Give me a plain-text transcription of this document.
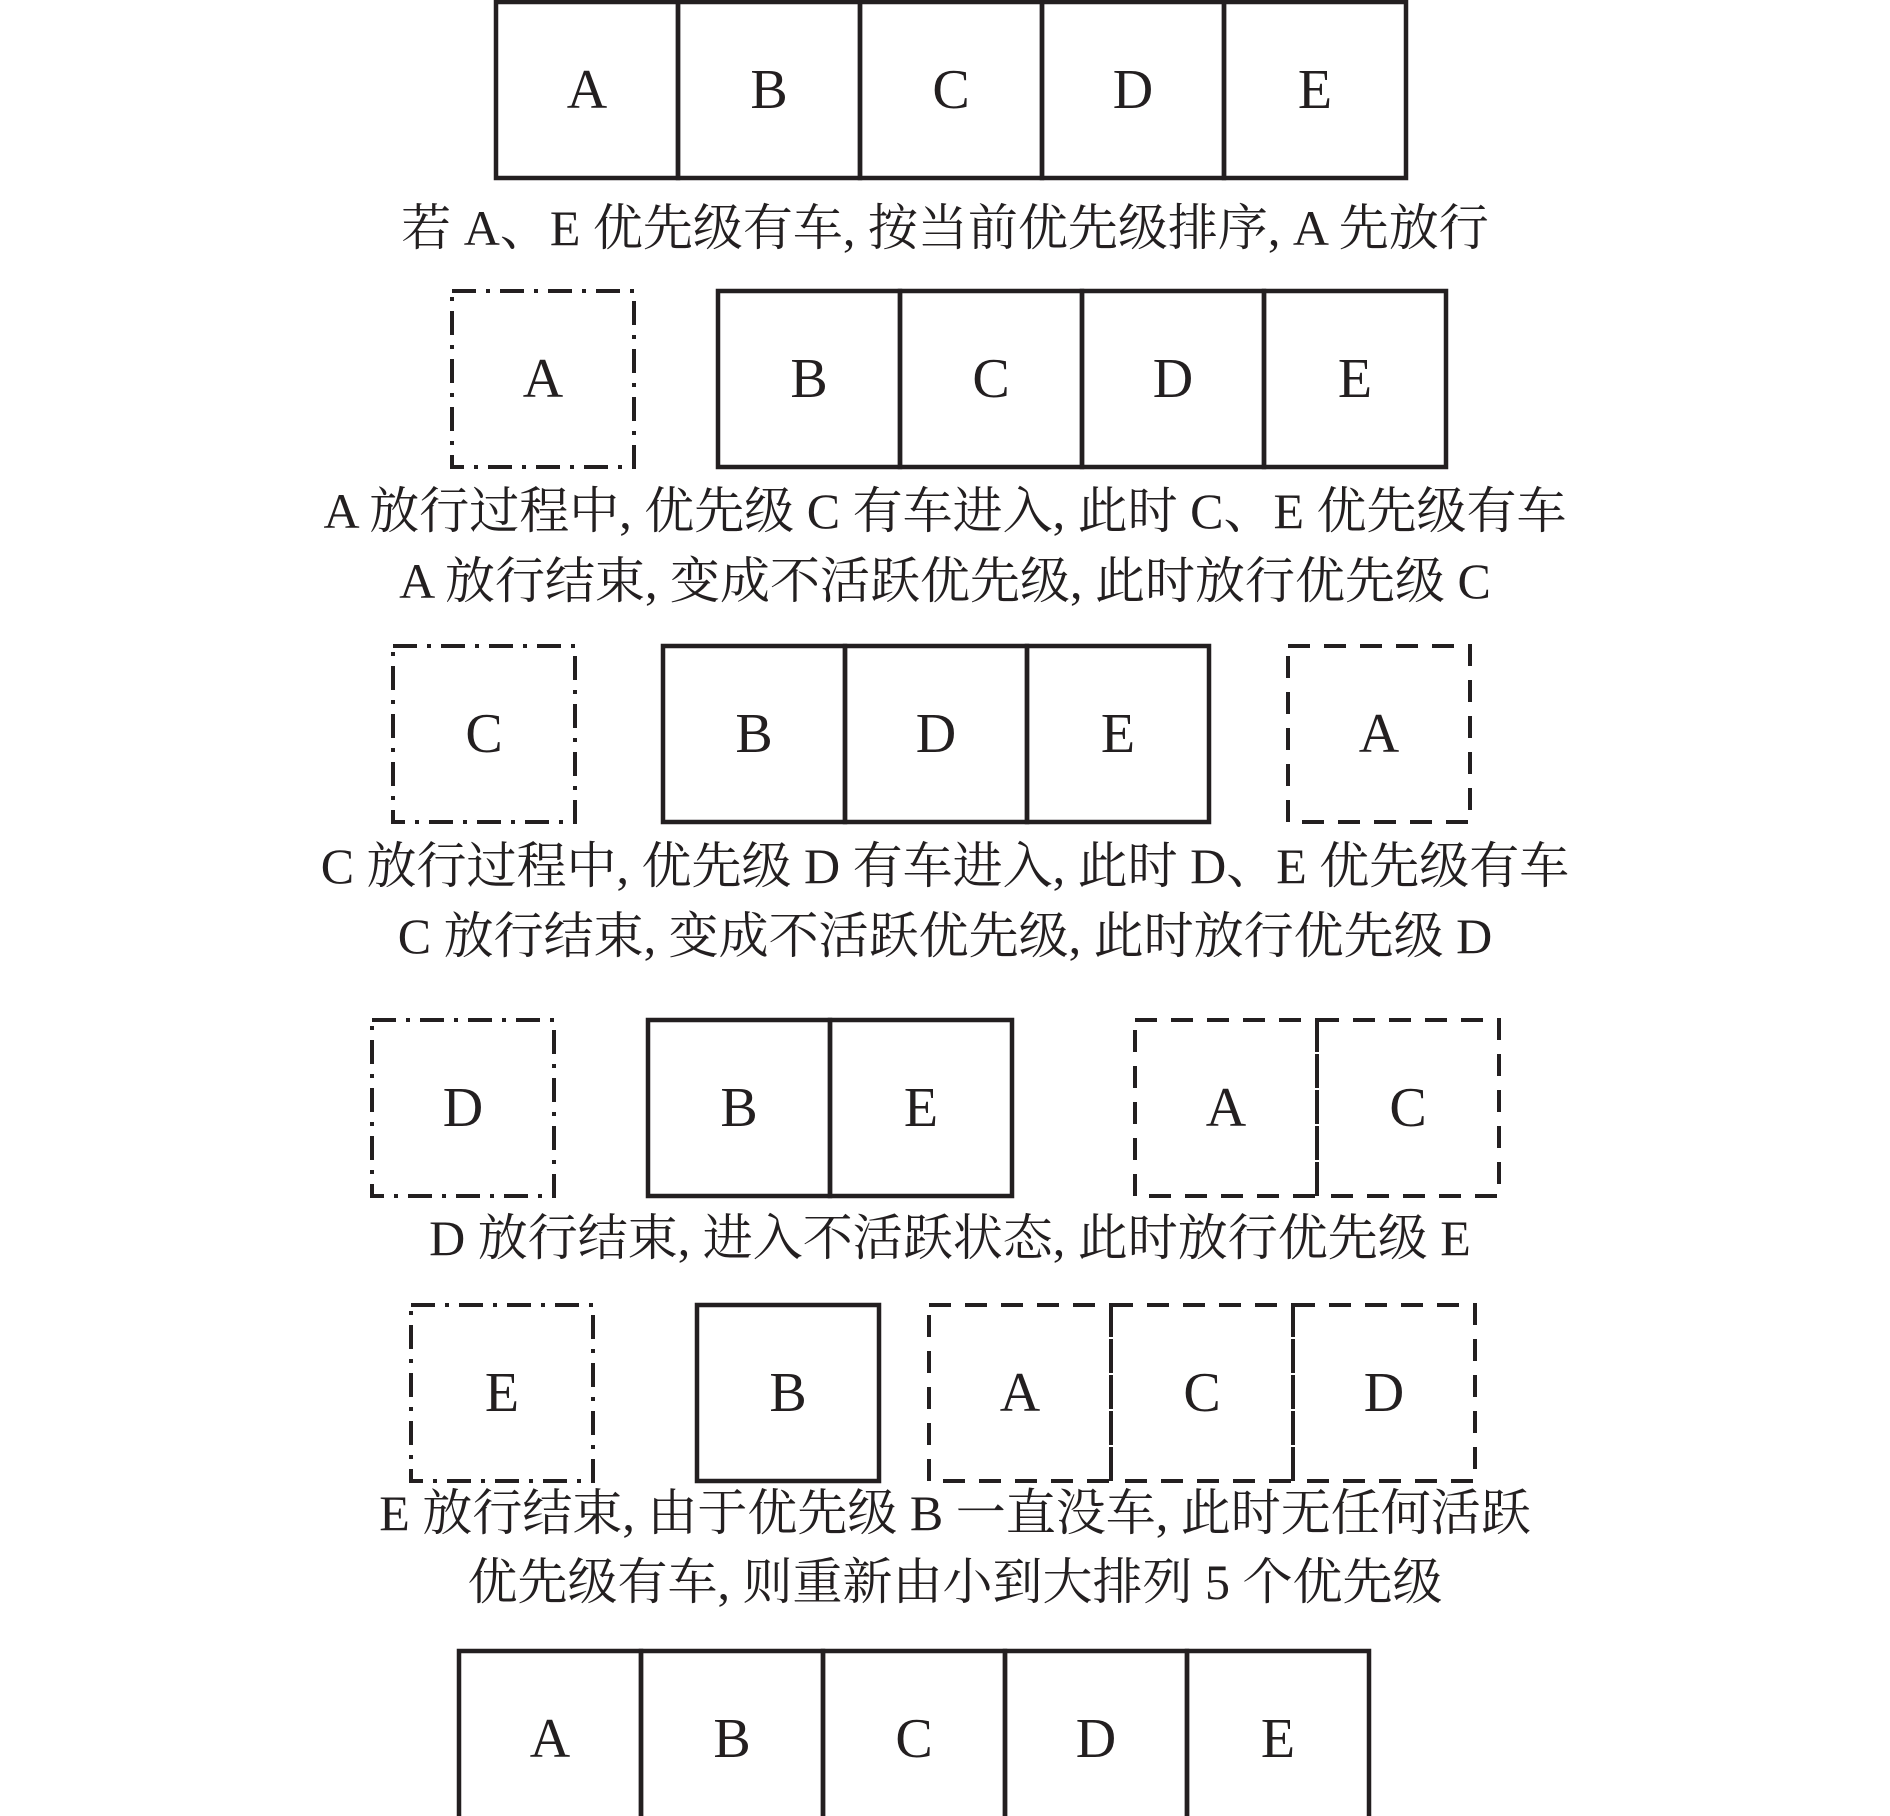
A	B	C	D	E
若 A、E 优先级有车, 按当前优先级排序, A 先放行
A	B	C	D	E
A 放行过程中, 优先级 C 有车进入, 此时 C、E 优先级有车
A 放行结束, 变成不活跃优先级, 此时放行优先级 C
C	B	D	E	A
C 放行过程中, 优先级 D 有车进入, 此时 D、E 优先级有车
C 放行结束, 变成不活跃优先级, 此时放行优先级 D
D	B	E	A	C
D 放行结束, 进入不活跃状态, 此时放行优先级 E
E	B	A	C	D
E 放行结束, 由于优先级 B 一直没车, 此时无任何活跃
优先级有车, 则重新由小到大排列 5 个优先级
A	B	C	D	E
